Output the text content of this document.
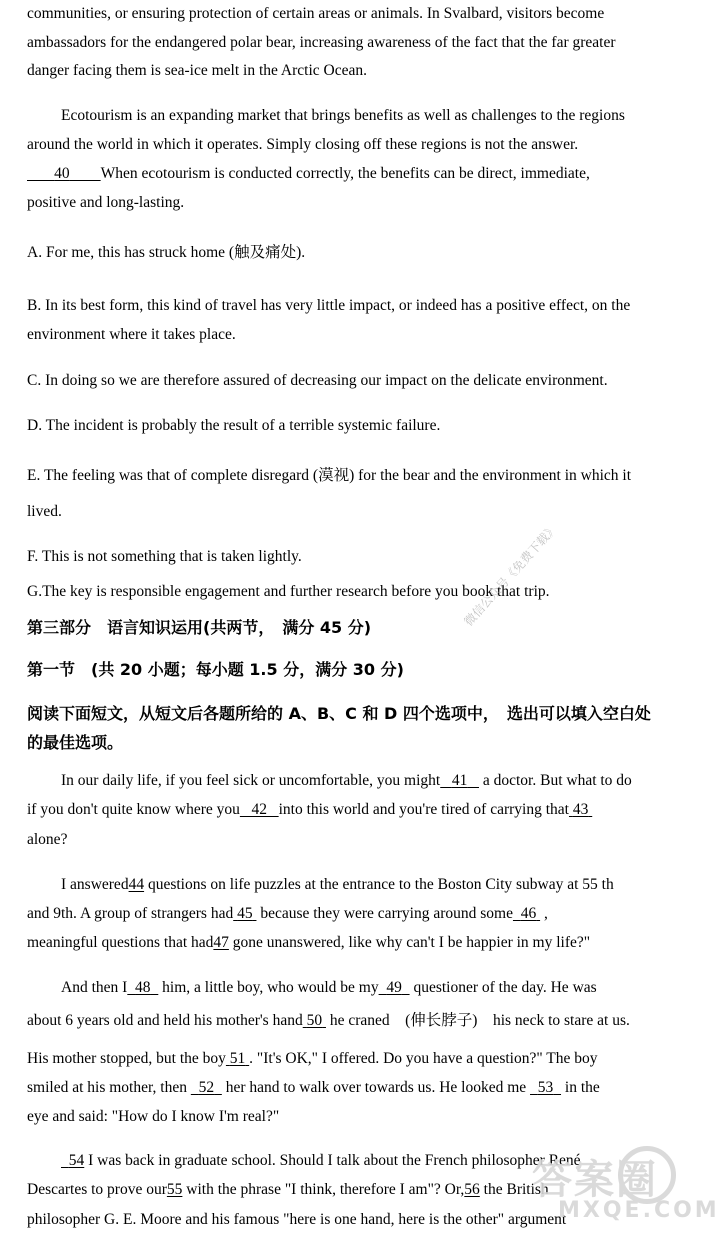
communities, or ensuring protection of certain areas or animals. In Svalbard, visitors become
ambassadors for the endangered polar bear, increasing awareness of the fact that the far greater
danger facing them is sea-ice melt in the Arctic Ocean.
Ecotourism is an expanding market that brings benefits as well as challenges to the regions
around the world in which it operates. Simply closing off these regions is not the answer.
40 When ecotourism is conducted correctly, the benefits can be direct, immediate,
positive and long-lasting.
A. For me, this has struck home (触及痛处).
B. In its best form, this kind of travel has very little impact, or indeed has a positive effect, on the
environment where it takes place.
C. In doing so we are therefore assured of decreasing our impact on the delicate environment.
D. The incident is probably the result of a terrible systemic failure.
E. The feeling was that of complete disregard (漠视) for the bear and the environment in which it
lived.
F. This is not something that is taken lightly.
G.The key is responsible engagement and further research before you book that trip.
第三部分　语言知识运用(共两节，　满分 45 分)
第一节　(共 20 小题；每小题 1.5 分，满分 30 分)
阅读下面短文，从短文后各题所给的 A、B、C 和 D 四个选项中，　选出可以填入空白处
的最佳选项。
In our daily life, if you feel sick or uncomfortable, you might 41 a doctor. But what to do
if you don't quite know where you 42 into this world and you're tired of carrying that 43
alone?
I answered44 questions on life puzzles at the entrance to the Boston City subway at 55 th
and 9th. A group of strangers had 45 because they were carrying around some 46 ,
meaningful questions that had47 gone unanswered, like why can't I be happier in my life?"
And then I 48 him, a little boy, who would be my 49 questioner of the day. He was
about 6 years old and held his mother's hand 50 he craned　(伸长脖子)　his neck to stare at us.
His mother stopped, but the boy 51 . "It's OK," I offered. Do you have a question?" The boy
smiled at his mother, then 52 her hand to walk over towards us. He looked me 53 in the
eye and said: "How do I know I'm real?"
54 I was back in graduate school. Should I talk about the French philosopher René
Descartes to prove our55 with the phrase "I think, therefore I am"? Or,56 the British
philosopher G. E. Moore and his famous "here is one hand, here is the other" argument
微信公众号《免费下载》
答案圈
MXQE.COM
